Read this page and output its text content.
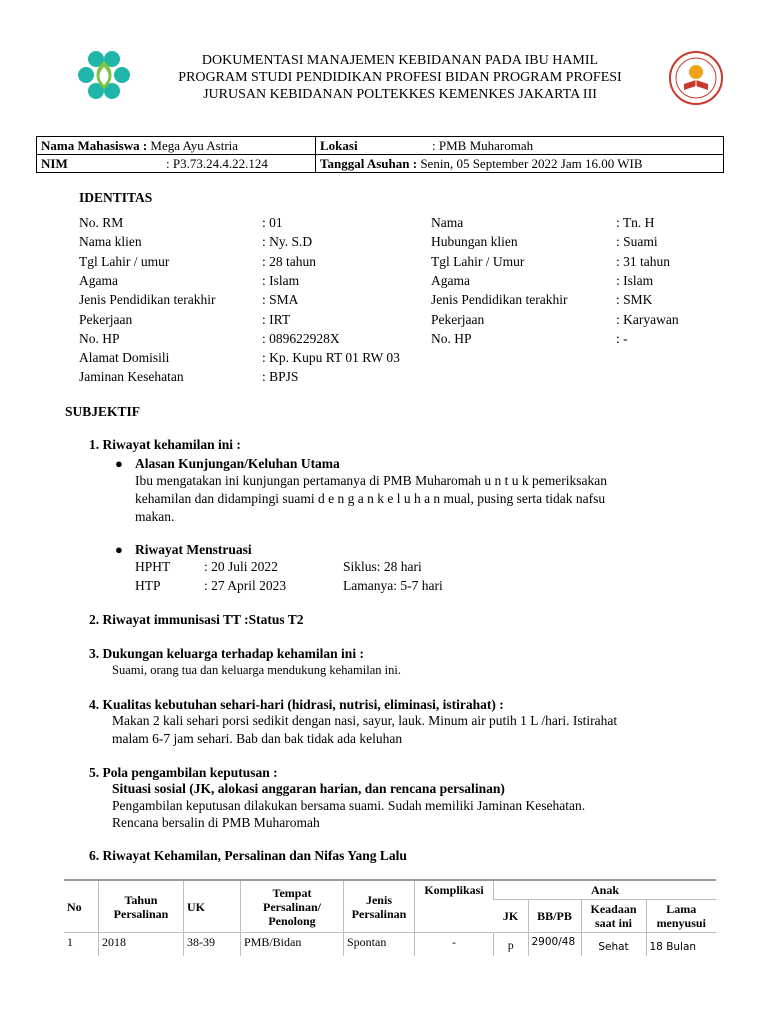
DOKUMENTASI MANAJEMEN KEBIDANAN PADA IBU HAMIL
PROGRAM STUDI PENDIDIKAN PROFESI BIDAN PROGRAM PROFESI
JURUSAN KEBIDANAN POLTEKKES KEMENKES JAKARTA III
Nama Mahasiswa : Mega Ayu Astria	Lokasi : PMB Muharomah
NIM : P3.73.24.4.22.124	Tanggal Asuhan : Senin, 05 September 2022 Jam 16.00 WIB
IDENTITAS
No. RM	: 01
Nama klien	: Ny. S.D
Tgl Lahir / umur	: 28 tahun
Agama	: Islam
Jenis Pendidikan terakhir	: SMA
Pekerjaan	: IRT
No. HP	: 089622928X
Alamat Domisili	: Kp. Kupu RT 01 RW 03
Jaminan Kesehatan	: BPJS
Nama	: Tn. H
Hubungan klien	: Suami
Tgl Lahir / Umur	: 31 tahun
Agama	: Islam
Jenis Pendidikan terakhir	: SMK
Pekerjaan	: Karyawan
No. HP	: -
SUBJEKTIF
1. Riwayat kehamilan ini :
● Alasan Kunjungan/Keluhan Utama
Ibu mengatakan ini kunjungan pertamanya di PMB Muharomah u n t u k pemeriksakan
kehamilan dan didampingi suami d e n g a n k e l u h a n mual, pusing serta tidak nafsu
makan.
● Riwayat Menstruasi
HPHT : 20 Juli 2022	Siklus: 28 hari
HTP	: 27 April 2023	Lamanya: 5-7 hari
2. Riwayat immunisasi TT :Status T2
3. Dukungan keluarga terhadap kehamilan ini :
Suami, orang tua dan keluarga mendukung kehamilan ini.
4. Kualitas kebutuhan sehari-hari (hidrasi, nutrisi, eliminasi, istirahat) :
Makan 2 kali sehari porsi sedikit dengan nasi, sayur, lauk. Minum air putih 1 L /hari. Istirahat
malam 6-7 jam sehari. Bab dan bak tidak ada keluhan
5. Pola pengambilan keputusan :
Situasi sosial (JK, alokasi anggaran harian, dan rencana persalinan)
Pengambilan keputusan dilakukan bersama suami. Sudah memiliki Jaminan Kesehatan.
Rencana bersalin di PMB Muharomah
6. Riwayat Kehamilan, Persalinan dan Nifas Yang Lalu
No	Tahun Persalinan	UK	Tempat Persalinan/ Penolong	Jenis Persalinan	Komplikasi	Anak			
						JK	BB/PB	Keadaan saat ini	Lama menyusui
1	2018	38-39	PMB/Bidan	Spontan	-	p	2900/48	Sehat	18 Bulan
